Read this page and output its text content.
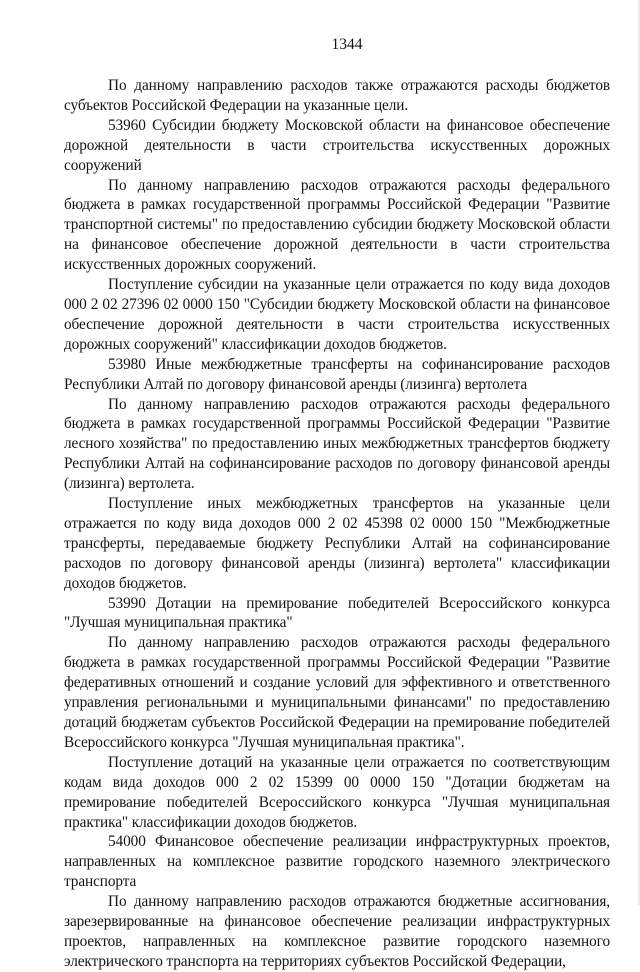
1344

По данному направлению расходов также отражаются расходы бюджетов субъектов Российской Федерации на указанные цели.

53960 Субсидии бюджету Московской области на финансовое обеспечение дорожной деятельности в части строительства искусственных дорожных сооружений

По данному направлению расходов отражаются расходы федерального бюджета в рамках государственной программы Российской Федерации "Развитие транспортной системы" по предоставлению субсидии бюджету Московской области на финансовое обеспечение дорожной деятельности в части строительства искусственных дорожных сооружений.

Поступление субсидии на указанные цели отражается по коду вида доходов 000 2 02 27396 02 0000 150 "Субсидии бюджету Московской области на финансовое обеспечение дорожной деятельности в части строительства искусственных дорожных сооружений" классификации доходов бюджетов.

53980 Иные межбюджетные трансферты на софинансирование расходов Республики Алтай по договору финансовой аренды (лизинга) вертолета

По данному направлению расходов отражаются расходы федерального бюджета в рамках государственной программы Российской Федерации "Развитие лесного хозяйства" по предоставлению иных межбюджетных трансфертов бюджету Республики Алтай на софинансирование расходов по договору финансовой аренды (лизинга) вертолета.

Поступление иных межбюджетных трансфертов на указанные цели отражается по коду вида доходов 000 2 02 45398 02 0000 150 "Межбюджетные трансферты, передаваемые бюджету Республики Алтай на софинансирование расходов по договору финансовой аренды (лизинга) вертолета" классификации доходов бюджетов.

53990 Дотации на премирование победителей Всероссийского конкурса "Лучшая муниципальная практика"

По данному направлению расходов отражаются расходы федерального бюджета в рамках государственной программы Российской Федерации "Развитие федеративных отношений и создание условий для эффективного и ответственного управления региональными и муниципальными финансами" по предоставлению дотаций бюджетам субъектов Российской Федерации на премирование победителей Всероссийского конкурса "Лучшая муниципальная практика".

Поступление дотаций на указанные цели отражается по соответствующим кодам вида доходов 000 2 02 15399 00 0000 150 "Дотации бюджетам на премирование победителей Всероссийского конкурса "Лучшая муниципальная практика" классификации доходов бюджетов.

54000 Финансовое обеспечение реализации инфраструктурных проектов, направленных на комплексное развитие городского наземного электрического транспорта

По данному направлению расходов отражаются бюджетные ассигнования, зарезервированные на финансовое обеспечение реализации инфраструктурных проектов, направленных на комплексное развитие городского наземного электрического транспорта на территориях субъектов Российской Федерации,
